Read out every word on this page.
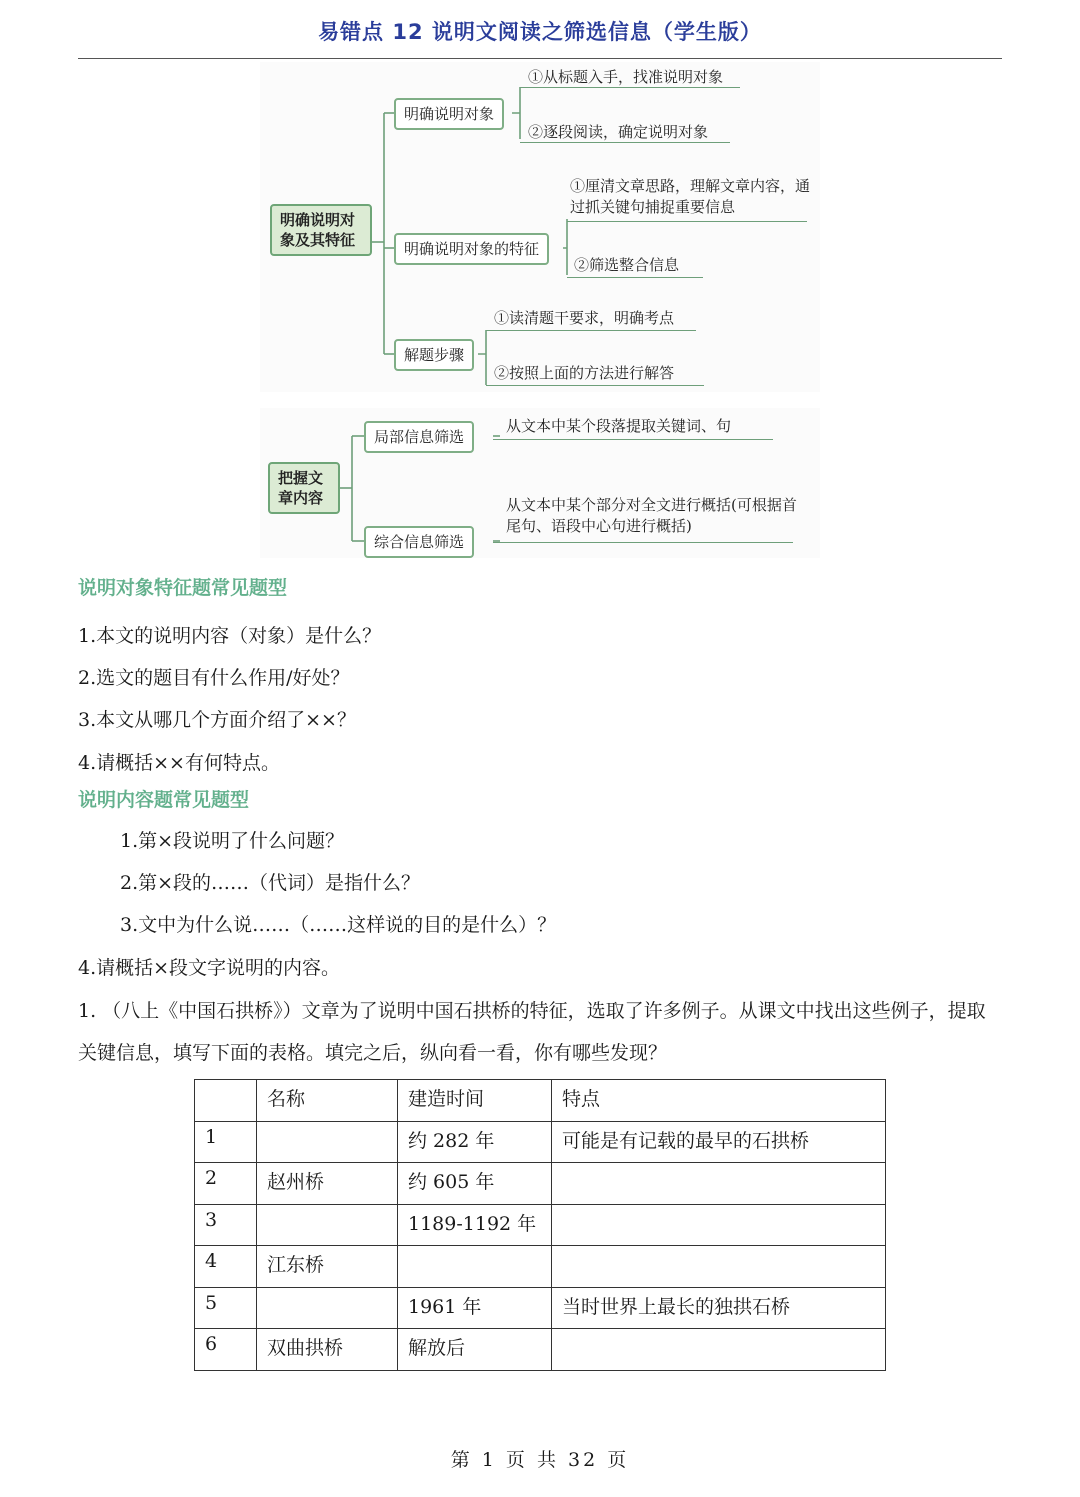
易错点 12 说明文阅读之筛选信息（学生版）
明确说明对象及其特征
明确说明对象
①从标题入手，找准说明对象
②逐段阅读，确定说明对象
明确说明对象的特征
①厘清文章思路，理解文章内容，通过抓关键句捕捉重要信息
②筛选整合信息
解题步骤
①读清题干要求，明确考点
②按照上面的方法进行解答
把握文章内容
局部信息筛选
从文本中某个段落提取关键词、句
综合信息筛选
从文本中某个部分对全文进行概括(可根据首尾句、语段中心句进行概括)
说明对象特征题常见题型
1.本文的说明内容（对象）是什么？
2.选文的题目有什么作用/好处？
3.本文从哪几个方面介绍了××？
4.请概括××有何特点。
说明内容题常见题型
1.第×段说明了什么问题？
2.第×段的……（代词）是指什么？
3.文中为什么说……（……这样说的目的是什么）？
4.请概括×段文字说明的内容。
1. （八上《中国石拱桥》）文章为了说明中国石拱桥的特征，选取了许多例子。从课文中找出这些例子，提取关键信息，填写下面的表格。填完之后，纵向看一看，你有哪些发现？
	名称	建造时间	特点
1		约 282 年	可能是有记载的最早的石拱桥
2	赵州桥	约 605 年	
3		1189-1192 年	
4	江东桥		
5		1961 年	当时世界上最长的独拱石桥
6	双曲拱桥	解放后	
第 1 页 共 32 页
